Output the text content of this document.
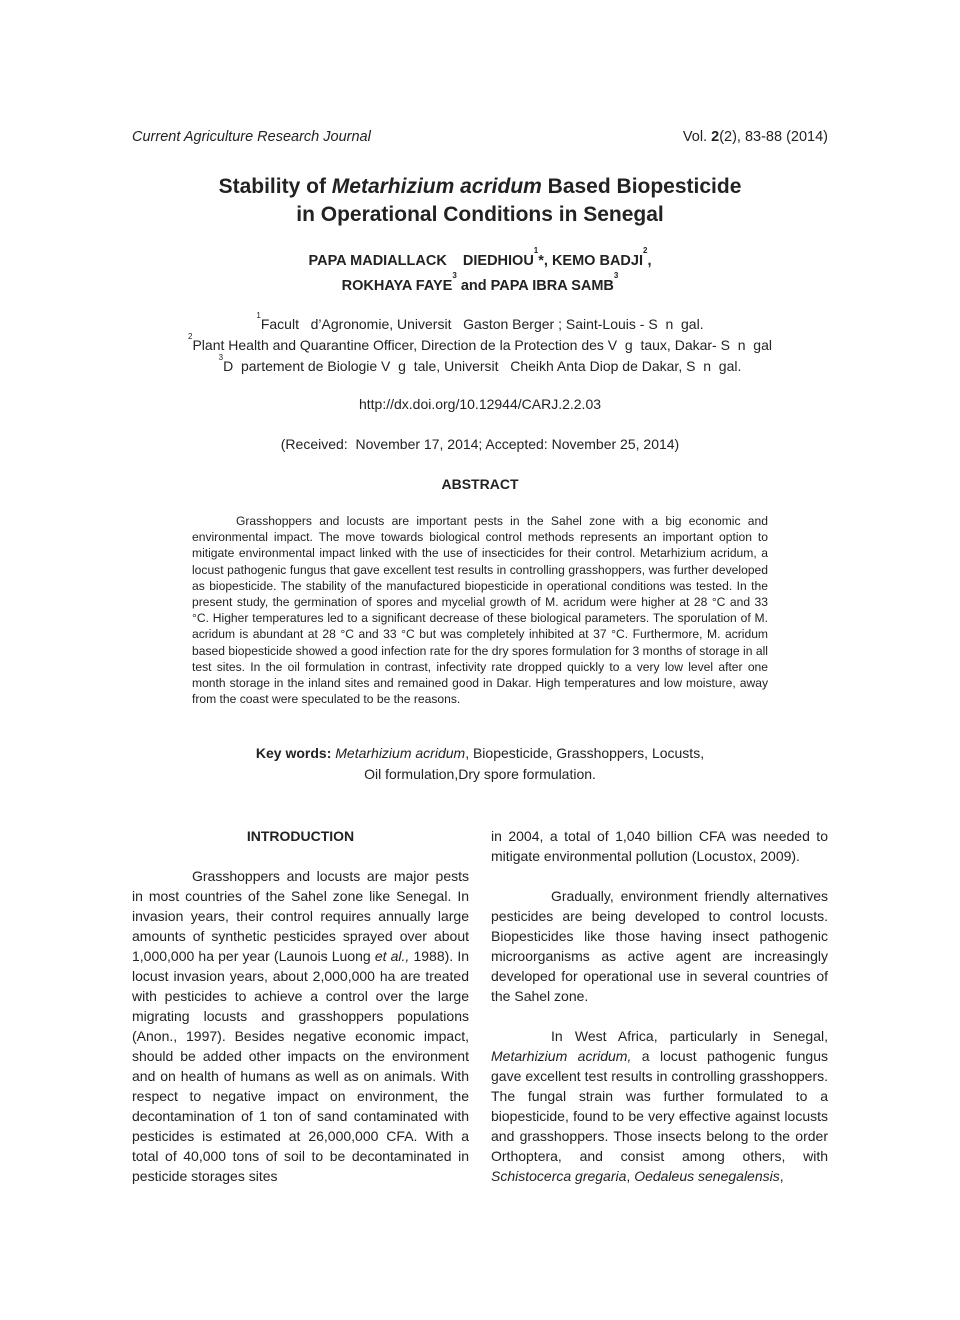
Current Agriculture Research Journal	Vol. 2(2), 83-88 (2014)
Stability of Metarhizium acridum Based Biopesticide
in Operational Conditions in Senegal
PAPA MADIALLACK    DIEDHIOU$^1$*, KEMO BADJI$^2$,
ROKHAYA FAYE$^3$ and PAPA IBRA SAMB$^3$
$^1$Facult   d’Agronomie, Universit   Gaston Berger ; Saint-Louis - S  n  gal.
$^2$Plant Health and Quarantine Officer, Direction de la Protection des V  g  taux, Dakar- S  n  gal
$^3$D  partement de Biologie V  g  tale, Universit   Cheikh Anta Diop de Dakar, S  n  gal.
http://dx.doi.org/10.12944/CARJ.2.2.03
(Received:  November 17, 2014; Accepted: November 25, 2014)
ABSTRACT

Grasshoppers and locusts are important pests in the Sahel zone with a big economic and environmental impact. The move towards biological control methods represents an important option to mitigate environmental impact linked with the use of insecticides for their control. Metarhizium acridum, a locust pathogenic fungus that gave excellent test results in controlling grasshoppers, was further developed as biopesticide. The stability of the manufactured biopesticide in operational conditions was tested. In the present study, the germination of spores and mycelial growth of M. acridum were higher at 28 °C and 33 °C. Higher temperatures led to a significant decrease of these biological parameters. The sporulation of M. acridum is abundant at 28 °C and 33 °C but was completely inhibited at 37 °C. Furthermore, M. acridum based biopesticide showed a good infection rate for the dry spores formulation for 3 months of storage in all test sites. In the oil formulation in contrast, infectivity rate dropped quickly to a very low level after one month storage in the inland sites and remained good in Dakar. High temperatures and low moisture, away from the coast were speculated to be the reasons.

Key words: Metarhizium acridum, Biopesticide, Grasshoppers, Locusts,
Oil formulation,Dry spore formulation.
INTRODUCTION

Grasshoppers and locusts are major pests in most countries of the Sahel zone like Senegal. In invasion years, their control requires annually large amounts of synthetic pesticides sprayed over about 1,000,000 ha per year (Launois Luong et al., 1988). In locust invasion years, about 2,000,000 ha are treated with pesticides to achieve a control over the large migrating locusts and grasshoppers populations (Anon., 1997). Besides negative economic impact, should be added other impacts on the environment and on health of humans as well as on animals. With respect to negative impact on environment, the decontamination of 1 ton of sand contaminated with pesticides is estimated at 26,000,000 CFA. With a total of 40,000 tons of soil to be decontaminated in pesticide storages sites

in 2004, a total of 1,040 billion CFA was needed to mitigate environmental pollution (Locustox, 2009).

Gradually, environment friendly alternatives pesticides are being developed to control locusts. Biopesticides like those having insect pathogenic microorganisms as active agent are increasingly developed for operational use in several countries of the Sahel zone.

In West Africa, particularly in Senegal, Metarhizium acridum, a locust pathogenic fungus gave excellent test results in controlling grasshoppers. The fungal strain was further formulated to a biopesticide, found to be very effective against locusts and grasshoppers. Those insects belong to the order Orthoptera, and consist among others, with Schistocerca gregaria, Oedaleus senegalensis,
